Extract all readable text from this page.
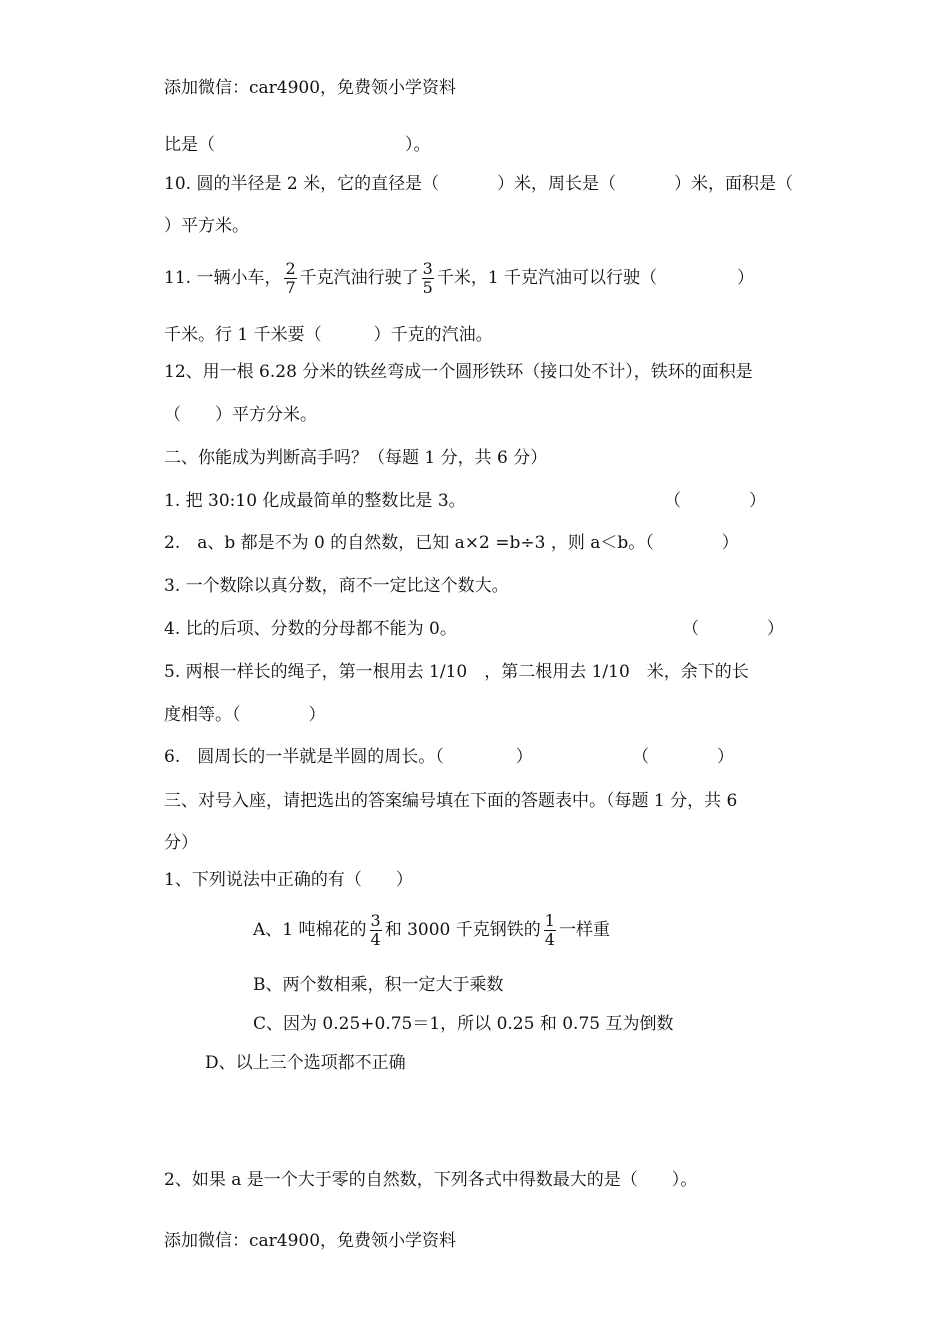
添加微信：car4900，免费领小学资料
比是（	）。
10. 圆的半径是 2 米，它的直径是（	）米，周长是（	）米，面积是（
）平方米。
11. 一辆小车， $\frac{2}{7}$ 千克汽油行驶了 $\frac{3}{5}$ 千米，1 千克汽油可以行驶（	）
千米。行 1 千米要（	）千克的汽油。
12、用一根 6.28 分米的铁丝弯成一个圆形铁环（接口处不计），铁环的面积是
（　　）平方分米。
二、你能成为判断高手吗？（每题 1 分，共 6 分）
1. 把 30:10 化成最简单的整数比是 3。	（　　　　）
2.　a、b 都是不为 0 的自然数，已知 a×2 =b÷3 ，则 a＜b。（	）
3. 一个数除以真分数，商不一定比这个数大。
4. 比的后项、分数的分母都不能为 0。	（　　　　）
5. 两根一样长的绳子，第一根用去 1/10　，第二根用去 1/10　米，余下的长
度相等。（	）
6.　圆周长的一半就是半圆的周长。（	）	（　　　　）
三、对号入座，请把选出的答案编号填在下面的答题表中。（每题 1 分，共 6
分）
1、下列说法中正确的有（　　）
A、1 吨棉花的 $\frac{3}{4}$ 和 3000 千克钢铁的 $\frac{1}{4}$ 一样重
B、两个数相乘，积一定大于乘数
C、因为 0.25+0.75＝1，所以 0.25 和 0.75 互为倒数
D、以上三个选项都不正确
2、如果 a 是一个大于零的自然数，下列各式中得数最大的是（　　）。
添加微信：car4900，免费领小学资料
